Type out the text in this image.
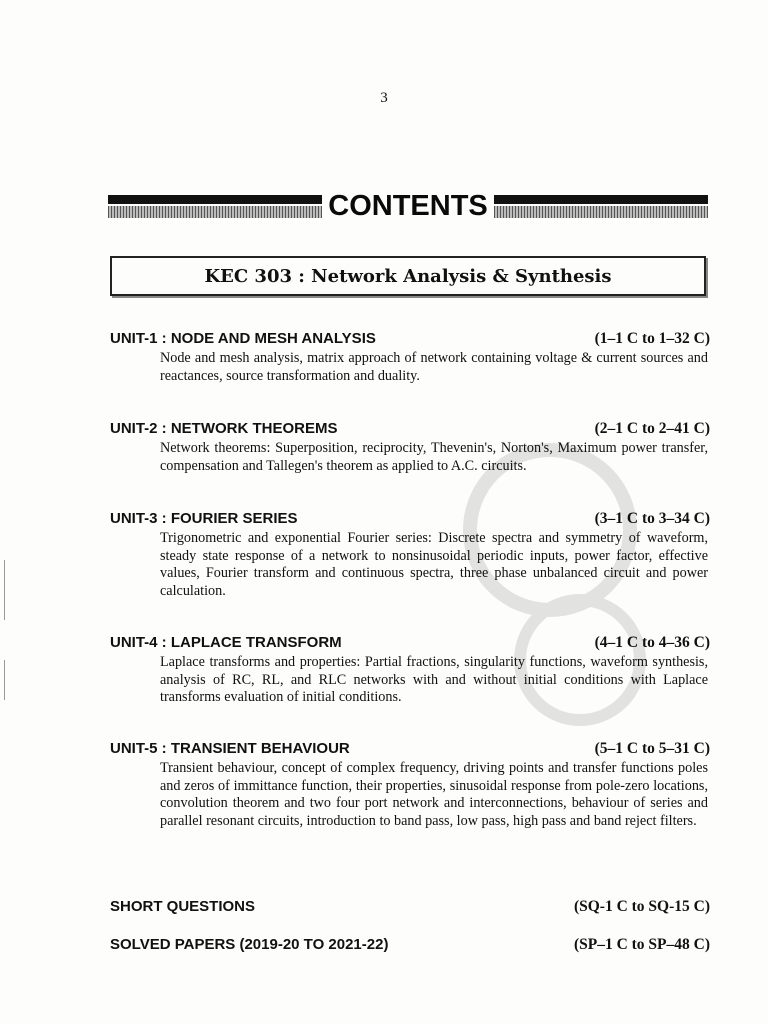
3
CONTENTS
KEC 303 : Network Analysis & Synthesis
UNIT-1 : NODE AND MESH ANALYSIS	(1–1 C to 1–32 C)
Node and mesh analysis, matrix approach of network containing voltage & current sources and reactances, source transformation and duality.
UNIT-2 : NETWORK THEOREMS	(2–1 C to 2–41 C)
Network theorems: Superposition, reciprocity, Thevenin's, Norton's, Maximum power transfer, compensation and Tallegen's theorem as applied to A.C. circuits.
UNIT-3 : FOURIER SERIES	(3–1 C to 3–34 C)
Trigonometric and exponential Fourier series: Discrete spectra and symmetry of waveform, steady state response of a network to nonsinusoidal periodic inputs, power factor, effective values, Fourier transform and continuous spectra, three phase unbalanced circuit and power calculation.
UNIT-4 : LAPLACE TRANSFORM	(4–1 C to 4–36 C)
Laplace transforms and properties: Partial fractions, singularity functions, waveform synthesis, analysis of RC, RL, and RLC networks with and without initial conditions with Laplace transforms evaluation of initial conditions.
UNIT-5 : TRANSIENT BEHAVIOUR	(5–1 C to 5–31 C)
Transient behaviour, concept of complex frequency, driving points and transfer functions poles and zeros of immittance function, their properties, sinusoidal response from pole-zero locations, convolution theorem and two four port network and interconnections, behaviour of series and parallel resonant circuits, introduction to band pass, low pass, high pass and band reject filters.
SHORT QUESTIONS	(SQ-1 C to SQ-15 C)
SOLVED PAPERS (2019-20 TO 2021-22)	(SP–1 C to SP–48 C)
